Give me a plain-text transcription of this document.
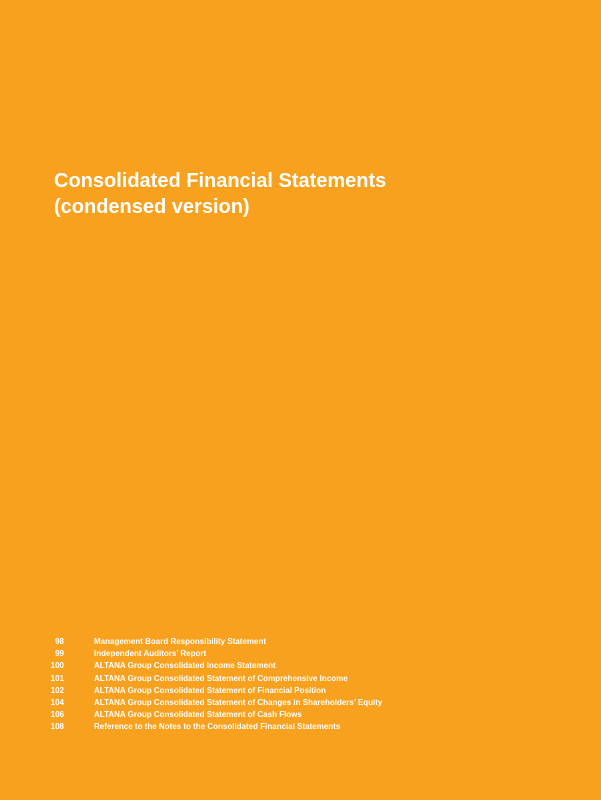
Consolidated Financial Statements
(condensed version)
98	Management Board Responsibility Statement
99	Independent Auditors’ Report
100	ALTANA Group Consolidated Income Statement
101	ALTANA Group Consolidated Statement of Comprehensive Income
102	ALTANA Group Consolidated Statement of Financial Position
104	ALTANA Group Consolidated Statement of Changes in Shareholders’ Equity
106	ALTANA Group Consolidated Statement of Cash Flows
108	Reference to the Notes to the Consolidated Financial Statements
